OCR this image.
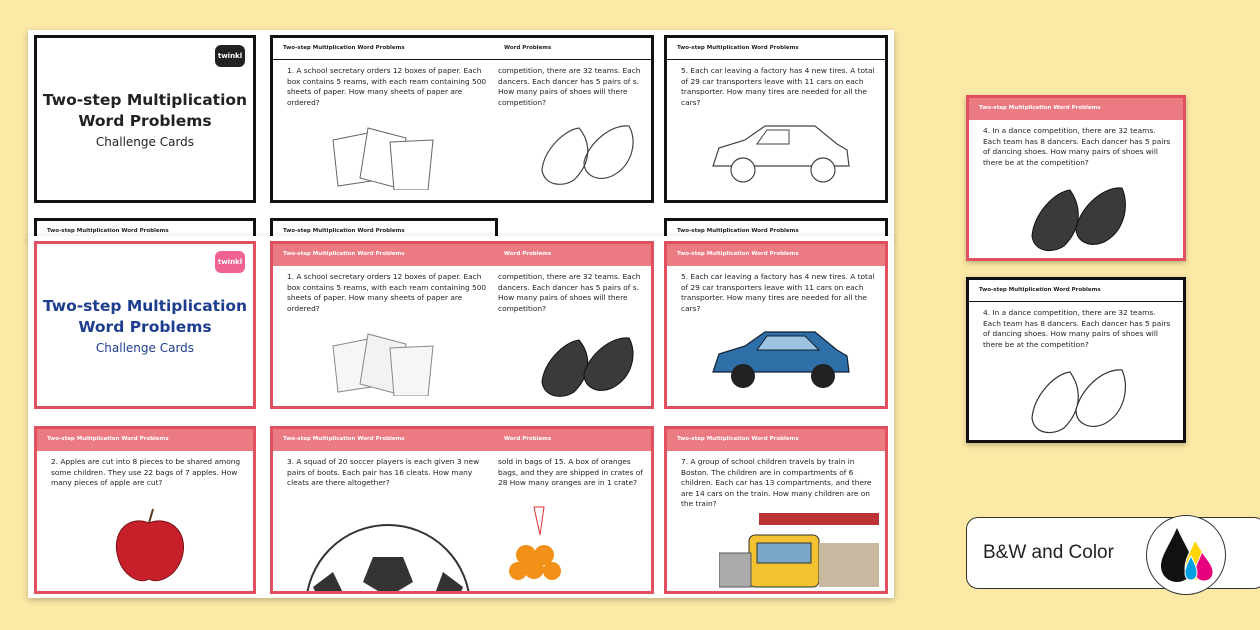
twinkl
Two-step Multiplication
Word Problems
Challenge Cards
Two-step Multiplication Word Problems
1. A school secretary orders 12 boxes of paper. Each box contains 5 reams, with each ream containing 500 sheets of paper. How many sheets of paper are ordered?
Word Problems
competition, there are 32 teams. Each dancers. Each dancer has 5 pairs of s. How many pairs of shoes will there competition?
Two-step Multiplication Word Problems
5. Each car leaving a factory has 4 new tires. A total of 29 car transporters leave with 11 cars on each transporter. How many tires are needed for all the cars?
Two-step Multiplication Word Problems	Two-step Multiplication Word Problems	Two-step Multiplication Word Problems
twinkl
Two-step Multiplication
Word Problems
Challenge Cards
Two-step Multiplication Word Problems
1. A school secretary orders 12 boxes of paper. Each box contains 5 reams, with each ream containing 500 sheets of paper. How many sheets of paper are ordered?
Word Problems
competition, there are 32 teams. Each dancers. Each dancer has 5 pairs of s. How many pairs of shoes will there competition?
Two-step Multiplication Word Problems
5. Each car leaving a factory has 4 new tires. A total of 29 car transporters leave with 11 cars on each transporter. How many tires are needed for all the cars?
Two-step Multiplication Word Problems
2. Apples are cut into 8 pieces to be shared among some children. They use 22 bags of 7 apples. How many pieces of apple are cut?
Two-step Multiplication Word Problems
3. A squad of 20 soccer players is each given 3 new pairs of boots. Each pair has 16 cleats. How many cleats are there altogether?
Word Problems
sold in bags of 15. A box of oranges bags, and they are shipped in crates of 28 How many oranges are in 1 crate?
Two-step Multiplication Word Problems
7. A group of school children travels by train in Boston. The children are in compartments of 6 children. Each car has 13 compartments, and there are 14 cars on the train. How many children are on the train?
Two-step Multiplication Word Problems
4. In a dance competition, there are 32 teams. Each team has 8 dancers. Each dancer has 5 pairs of dancing shoes. How many pairs of shoes will there be at the competition?
Two-step Multiplication Word Problems
4. In a dance competition, there are 32 teams. Each team has 8 dancers. Each dancer has 5 pairs of dancing shoes. How many pairs of shoes will there be at the competition?
B&W and Color
